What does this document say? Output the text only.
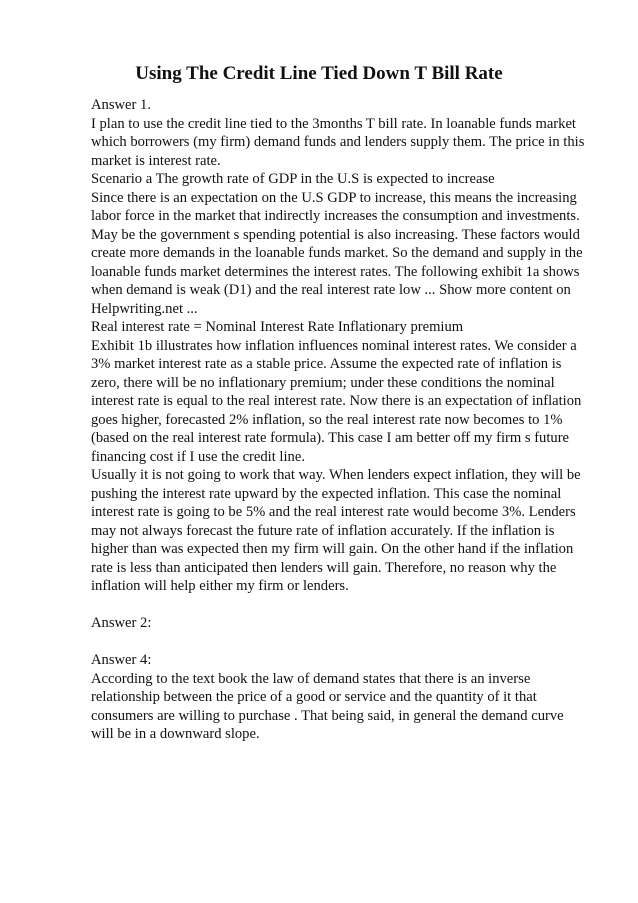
Using The Credit Line Tied Down T Bill Rate
Answer 1.
I plan to use the credit line tied to the 3months T bill rate. In loanable funds market
which borrowers (my firm) demand funds and lenders supply them. The price in this
market is interest rate.
Scenario a The growth rate of GDP in the U.S is expected to increase
Since there is an expectation on the U.S GDP to increase, this means the increasing
labor force in the market that indirectly increases the consumption and investments.
May be the government s spending potential is also increasing. These factors would
create more demands in the loanable funds market. So the demand and supply in the
loanable funds market determines the interest rates. The following exhibit 1a shows
when demand is weak (D1) and the real interest rate low ... Show more content on
Helpwriting.net ...
Real interest rate = Nominal Interest Rate Inflationary premium
Exhibit 1b illustrates how inflation influences nominal interest rates. We consider a
3% market interest rate as a stable price. Assume the expected rate of inflation is
zero, there will be no inflationary premium; under these conditions the nominal
interest rate is equal to the real interest rate. Now there is an expectation of inflation
goes higher, forecasted 2% inflation, so the real interest rate now becomes to 1%
(based on the real interest rate formula). This case I am better off my firm s future
financing cost if I use the credit line.
Usually it is not going to work that way. When lenders expect inflation, they will be
pushing the interest rate upward by the expected inflation. This case the nominal
interest rate is going to be 5% and the real interest rate would become 3%. Lenders
may not always forecast the future rate of inflation accurately. If the inflation is
higher than was expected then my firm will gain. On the other hand if the inflation
rate is less than anticipated then lenders will gain. Therefore, no reason why the
inflation will help either my firm or lenders.
Answer 2:
Answer 4:
According to the text book the law of demand states that there is an inverse
relationship between the price of a good or service and the quantity of it that
consumers are willing to purchase . That being said, in general the demand curve
will be in a downward slope.
